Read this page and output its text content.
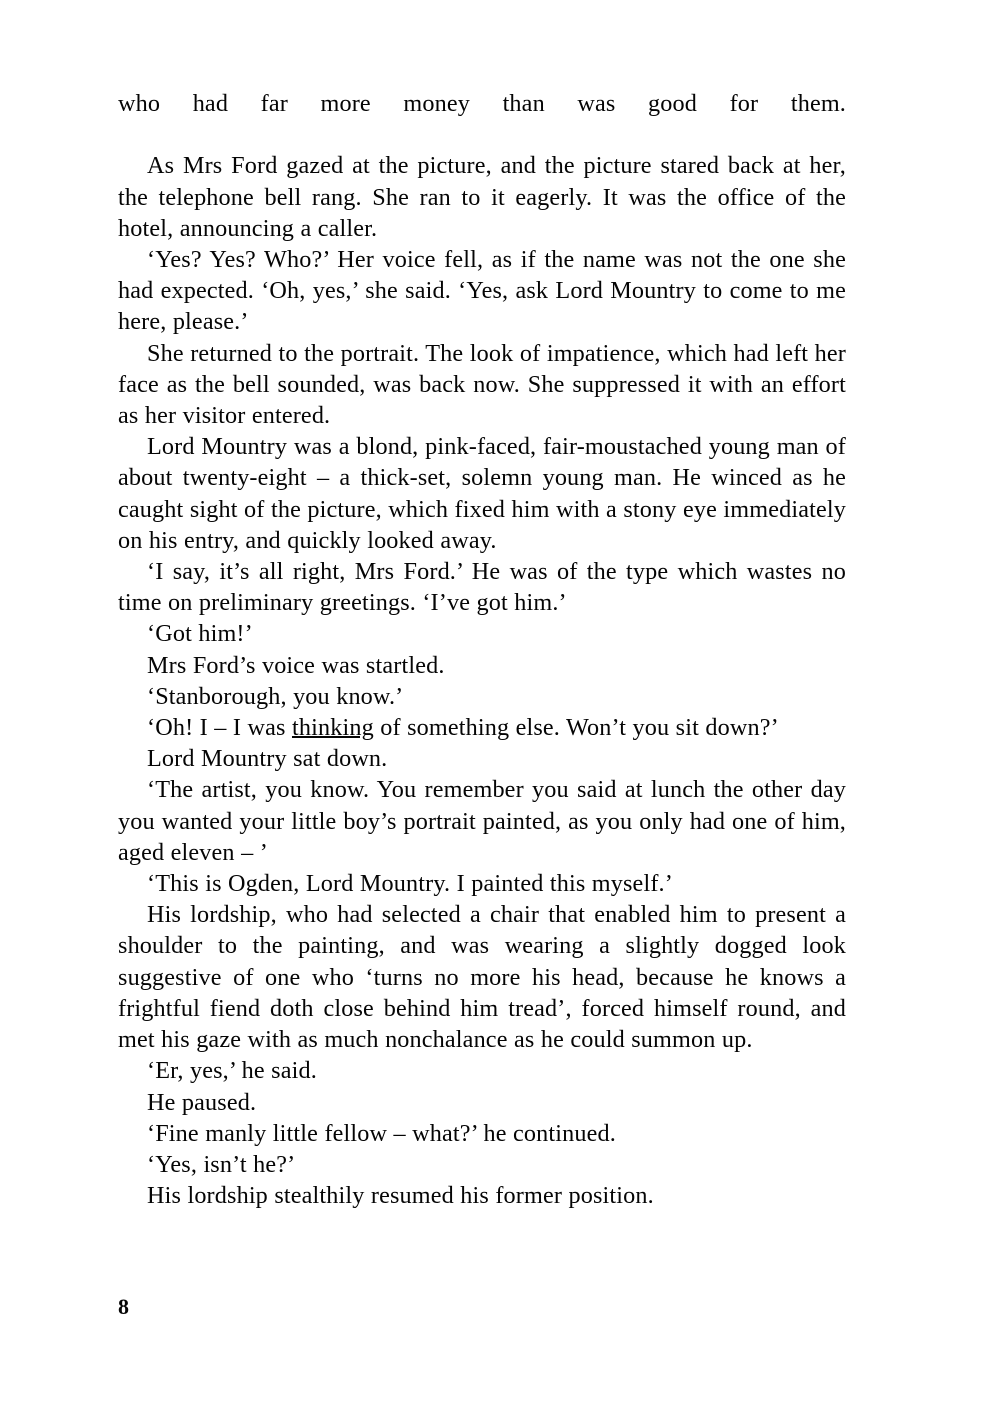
who had far more money than was good for them.

As Mrs Ford gazed at the picture, and the picture stared back at her, the telephone bell rang. She ran to it eagerly. It was the office of the hotel, announcing a caller.

‘Yes? Yes? Who?’ Her voice fell, as if the name was not the one she had expected. ‘Oh, yes,’ she said. ‘Yes, ask Lord Mountry to come to me here, please.’

She returned to the portrait. The look of impatience, which had left her face as the bell sounded, was back now. She suppressed it with an effort as her visitor entered.

Lord Mountry was a blond, pink-faced, fair-moustached young man of about twenty-eight – a thick-set, solemn young man. He winced as he caught sight of the picture, which fixed him with a stony eye immediately on his entry, and quickly looked away.

‘I say, it’s all right, Mrs Ford.’ He was of the type which wastes no time on preliminary greetings. ‘I’ve got him.’

‘Got him!’

Mrs Ford’s voice was startled.

‘Stanborough, you know.’

‘Oh! I – I was thinking of something else. Won’t you sit down?’

Lord Mountry sat down.

‘The artist, you know. You remember you said at lunch the other day you wanted your little boy’s portrait painted, as you only had one of him, aged eleven – ’

‘This is Ogden, Lord Mountry. I painted this myself.’

His lordship, who had selected a chair that enabled him to present a shoulder to the painting, and was wearing a slightly dogged look suggestive of one who ‘turns no more his head, because he knows a frightful fiend doth close behind him tread’, forced himself round, and met his gaze with as much nonchalance as he could summon up.

‘Er, yes,’ he said.

He paused.

‘Fine manly little fellow – what?’ he continued.

‘Yes, isn’t he?’

His lordship stealthily resumed his former position.

8
